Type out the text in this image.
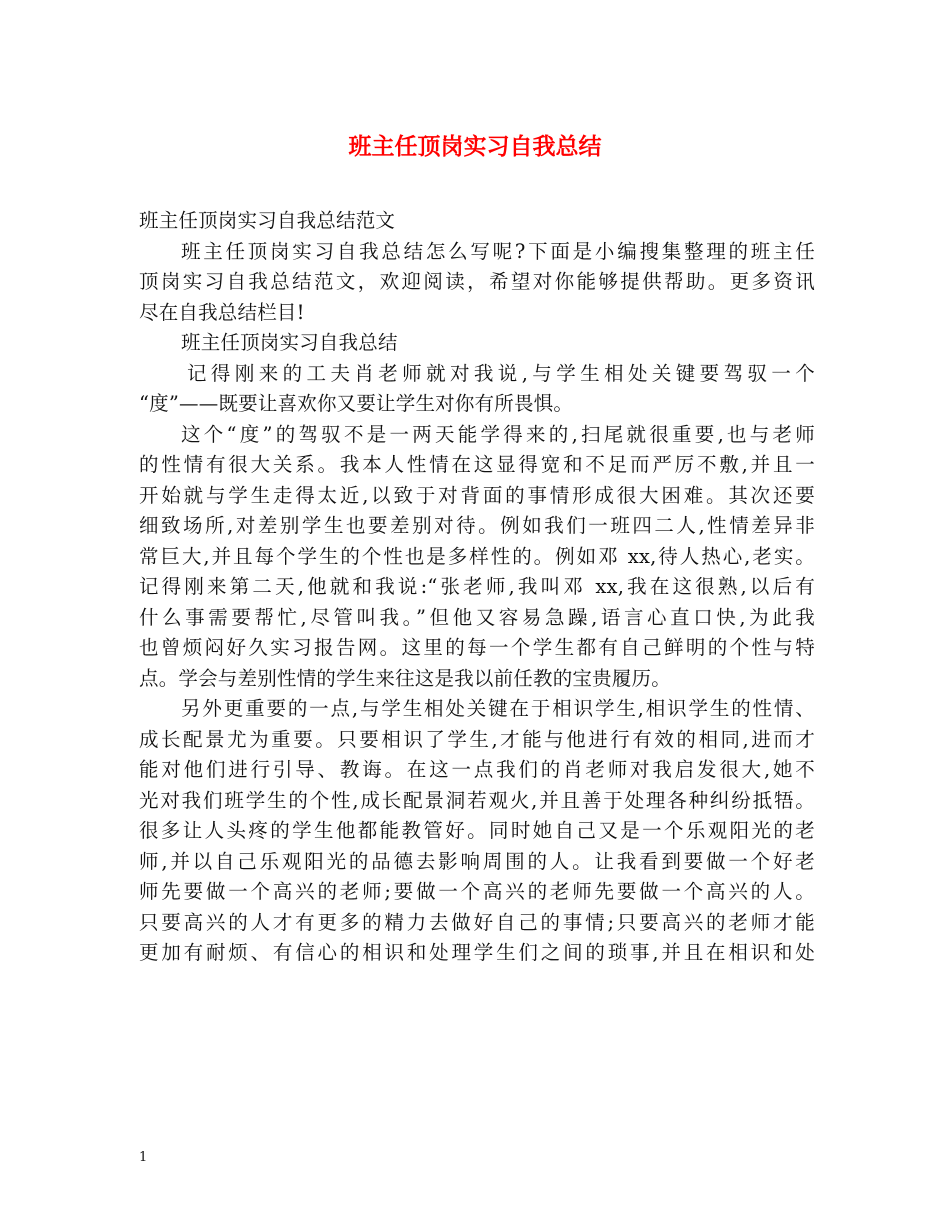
班主任顶岗实习自我总结
班主任顶岗实习自我总结范文
班主任顶岗实习自我总结怎么写呢?下面是小编搜集整理的班主任
顶岗实习自我总结范文，欢迎阅读，希望对你能够提供帮助。更多资讯
尽在自我总结栏目!
班主任顶岗实习自我总结
记得刚来的工夫肖老师就对我说,与学生相处关键要驾驭一个
“度”——既要让喜欢你又要让学生对你有所畏惧。
这个“度”的驾驭不是一两天能学得来的,扫尾就很重要,也与老师
的性情有很大关系。我本人性情在这显得宽和不足而严厉不敷,并且一
开始就与学生走得太近,以致于对背面的事情形成很大困难。其次还要
细致场所,对差别学生也要差别对待。例如我们一班四二人,性情差异非
常巨大,并且每个学生的个性也是多样性的。例如邓 xx,待人热心,老实。
记得刚来第二天,他就和我说:“张老师,我叫邓 xx,我在这很熟,以后有
什么事需要帮忙,尽管叫我。”但他又容易急躁,语言心直口快,为此我
也曾烦闷好久实习报告网。这里的每一个学生都有自己鲜明的个性与特
点。学会与差别性情的学生来往这是我以前任教的宝贵履历。
另外更重要的一点,与学生相处关键在于相识学生,相识学生的性情、
成长配景尤为重要。只要相识了学生,才能与他进行有效的相同,进而才
能对他们进行引导、教诲。在这一点我们的肖老师对我启发很大,她不
光对我们班学生的个性,成长配景洞若观火,并且善于处理各种纠纷抵牾。
很多让人头疼的学生他都能教管好。同时她自己又是一个乐观阳光的老
师,并以自己乐观阳光的品德去影响周围的人。让我看到要做一个好老
师先要做一个高兴的老师;要做一个高兴的老师先要做一个高兴的人。
只要高兴的人才有更多的精力去做好自己的事情;只要高兴的老师才能
更加有耐烦、有信心的相识和处理学生们之间的琐事,并且在相识和处
1
